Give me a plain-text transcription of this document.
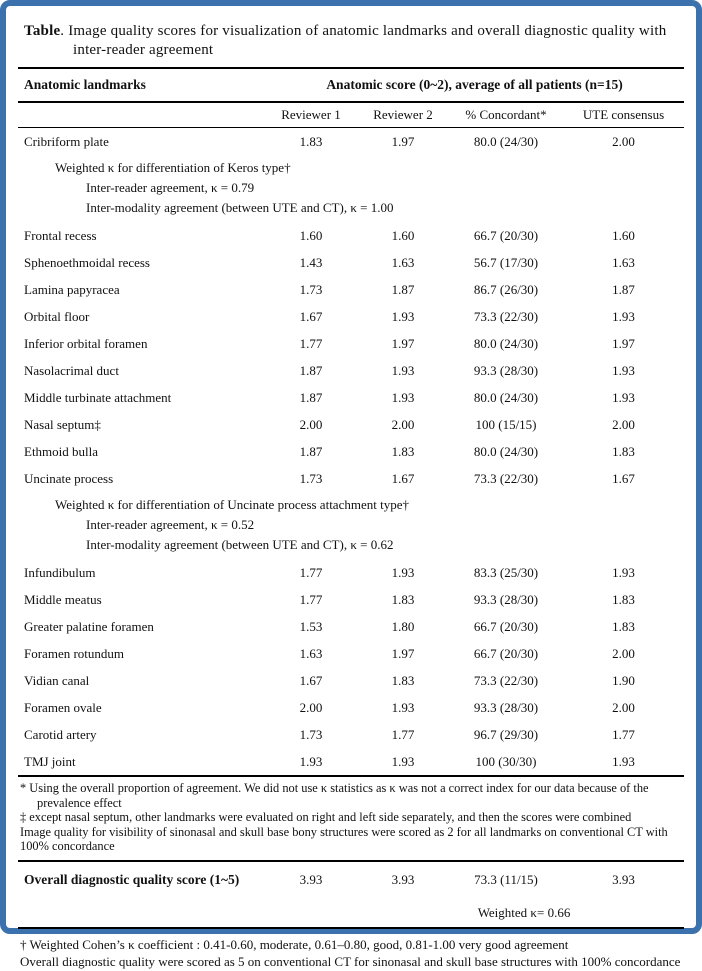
Table. Image quality scores for visualization of anatomic landmarks and overall diagnostic quality with inter-reader agreement
Anatomic landmarks	Anatomic score (0~2), average of all patients (n=15)			
	Reviewer 1	Reviewer 2	% Concordant*	UTE consensus
Cribriform plate	1.83	1.97	80.0 (24/30)	2.00

Weighted κ for differentiation of Keros type†
Inter-reader agreement, κ = 0.79
Inter-modality agreement (between UTE and CT), κ = 1.00				

Frontal recess	1.60	1.60	66.7 (20/30)	1.60
Sphenoethmoidal recess	1.43	1.63	56.7 (17/30)	1.63
Lamina papyracea	1.73	1.87	86.7 (26/30)	1.87
Orbital floor	1.67	1.93	73.3 (22/30)	1.93
Inferior orbital foramen	1.77	1.97	80.0 (24/30)	1.97
Nasolacrimal duct	1.87	1.93	93.3 (28/30)	1.93
Middle turbinate attachment	1.87	1.93	80.0 (24/30)	1.93
Nasal septum‡	2.00	2.00	100 (15/15)	2.00
Ethmoid bulla	1.87	1.83	80.0 (24/30)	1.83
Uncinate process	1.73	1.67	73.3 (22/30)	1.67

Weighted κ for differentiation of Uncinate process attachment type†
Inter-reader agreement, κ = 0.52
Inter-modality agreement (between UTE and CT), κ = 0.62				

Infundibulum	1.77	1.93	83.3 (25/30)	1.93
Middle meatus	1.77	1.83	93.3 (28/30)	1.83
Greater palatine foramen	1.53	1.80	66.7 (20/30)	1.83
Foramen rotundum	1.63	1.97	66.7 (20/30)	2.00
Vidian canal	1.67	1.83	73.3 (22/30)	1.90
Foramen ovale	2.00	1.93	93.3 (28/30)	2.00
Carotid artery	1.73	1.77	96.7 (29/30)	1.77
TMJ joint	1.93	1.93	100 (30/30)	1.93

* Using the overall proportion of agreement. We did not use κ statistics as κ was not a correct index for our data because of the prevalence effect
‡ except nasal septum, other landmarks were evaluated on right and left side separately, and then the scores were combined
Image quality for visibility of sinonasal and skull base bony structures were scored as 2 for all landmarks on conventional CT with 100% concordance				

Overall diagnostic quality score (1~5)	3.93	3.93	73.3 (11/15)	3.93

Weighted κ= 0.66				
† Weighted Cohen’s κ coefficient : 0.41-0.60, moderate, 0.61–0.80, good, 0.81-1.00 very good agreement
Overall diagnostic quality were scored as 5 on conventional CT for sinonasal and skull base structures with 100% concordance
